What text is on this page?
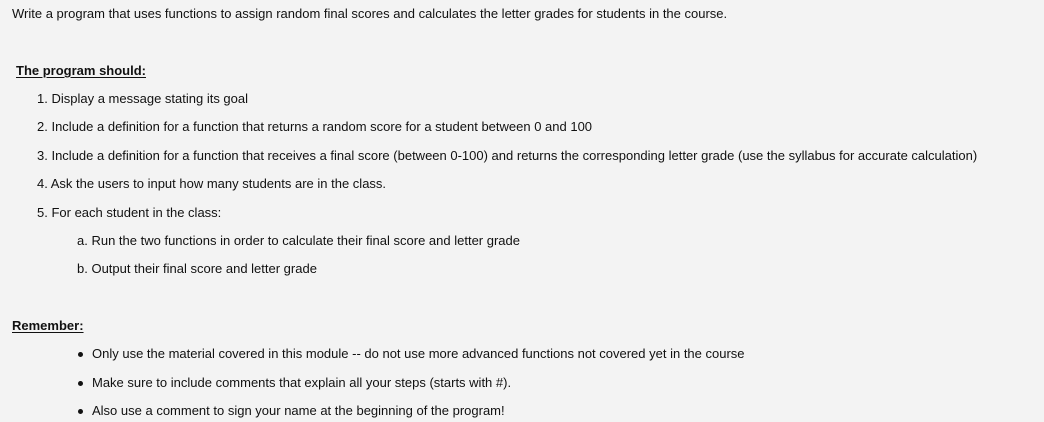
Write a program that uses functions to assign random final scores and calculates the letter grades for students in the course.
The program should:
1. Display a message stating its goal
2. Include a definition for a function that returns a random score for a student between 0 and 100
3. Include a definition for a function that receives a final score (between 0-100) and returns the corresponding letter grade (use the syllabus for accurate calculation)
4. Ask the users to input how many students are in the class.
5. For each student in the class:
a. Run the two functions in order to calculate their final score and letter grade
b. Output their final score and letter grade
Remember:
Only use the material covered in this module -- do not use more advanced functions not covered yet in the course
Make sure to include comments that explain all your steps (starts with #).
Also use a comment to sign your name at the beginning of the program!
